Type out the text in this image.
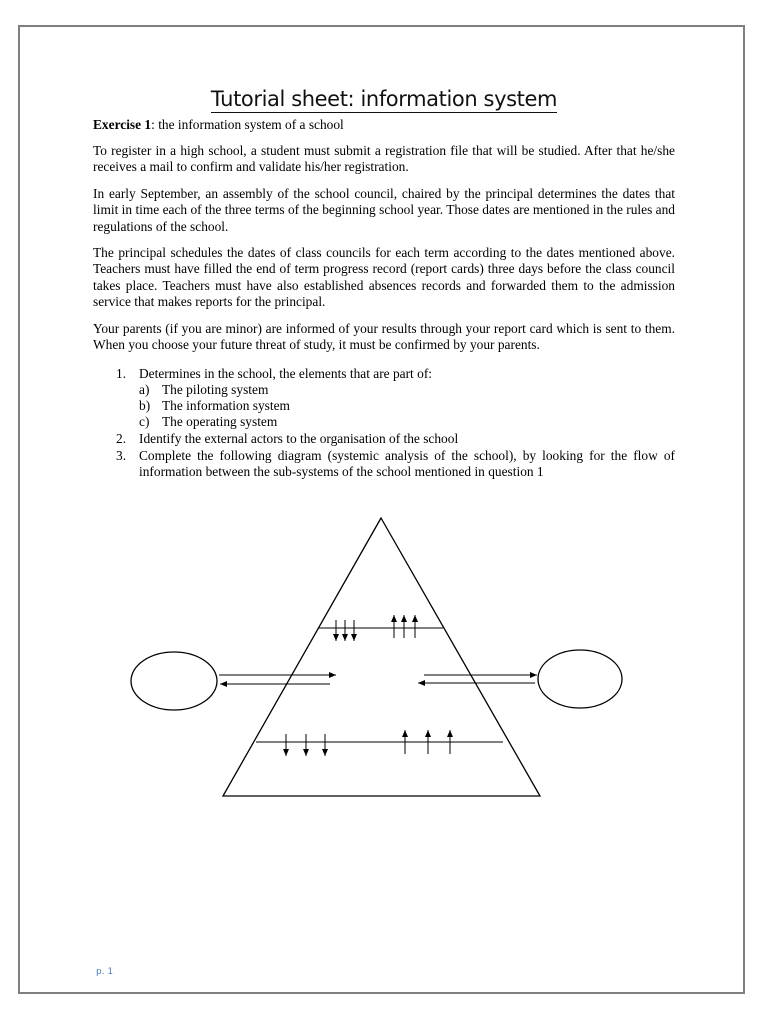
Tutorial sheet: information system
Exercise 1: the information system of a school
To register in a high school, a student must submit a registration file that will be studied. After that he/she receives a mail to confirm and validate his/her registration.
In early September, an assembly of the school council, chaired by the principal determines the dates that limit in time each of the three terms of the beginning school year. Those dates are mentioned in the rules and regulations of the school.
The principal schedules the dates of class councils for each term according to the dates mentioned above. Teachers must have filled the end of term progress record (report cards) three days before the class council takes place. Teachers must have also established absences records and forwarded them to the admission service that makes reports for the principal.
Your parents (if you are minor) are informed of your results through your report card which is sent to them. When you choose your future threat of study, it must be confirmed by your parents.
1. Determines in the school, the elements that are part of:
a) The piloting system
b) The information system
c) The operating system
2. Identify the external actors to the organisation of the school
3. Complete the following diagram (systemic analysis of the school), by looking for the flow of information between the sub-systems of the school mentioned in question 1
p. 1
